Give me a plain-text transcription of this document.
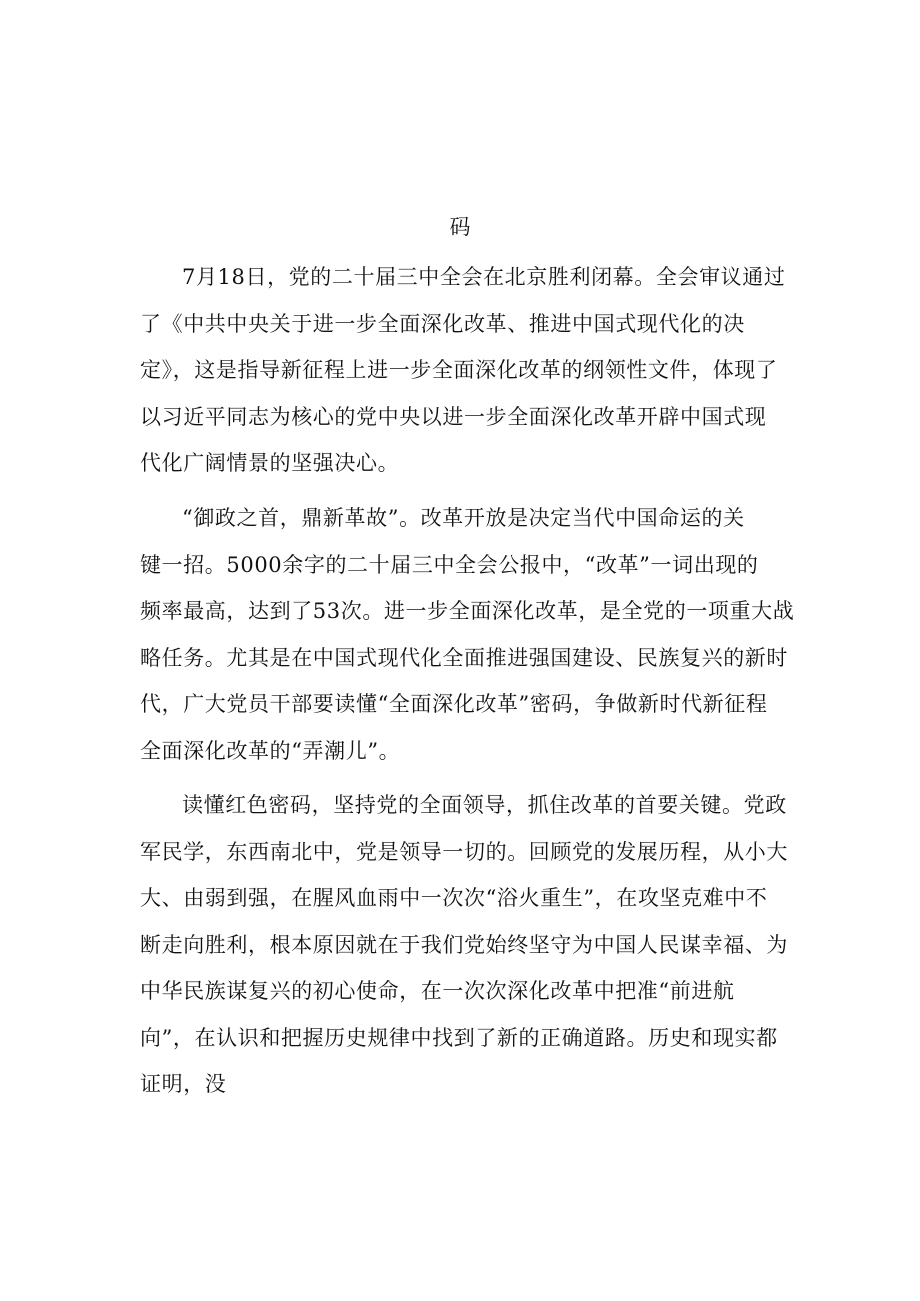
码

7月18日，党的二十届三中全会在北京胜利闭幕。全会审议通过
了《中共中央关于进一步全面深化改革、推进中国式现代化的决
定》，这是指导新征程上进一步全面深化改革的纲领性文件，体现了
以习近平同志为核心的党中央以进一步全面深化改革开辟中国式现
代化广阔情景的坚强决心。

“御政之首，鼎新革故”。改革开放是决定当代中国命运的关
键一招。5000余字的二十届三中全会公报中，“改革”一词出现的
频率最高，达到了53次。进一步全面深化改革，是全党的一项重大战
略任务。尤其是在中国式现代化全面推进强国建设、民族复兴的新时
代，广大党员干部要读懂“全面深化改革”密码，争做新时代新征程
全面深化改革的“弄潮儿”。

读懂红色密码，坚持党的全面领导，抓住改革的首要关键。党政
军民学，东西南北中，党是领导一切的。回顾党的发展历程，从小大
大、由弱到强，在腥风血雨中一次次“浴火重生”，在攻坚克难中不
断走向胜利，根本原因就在于我们党始终坚守为中国人民谋幸福、为
中华民族谋复兴的初心使命，在一次次深化改革中把准“前进航
向”，在认识和把握历史规律中找到了新的正确道路。历史和现实都
证明，没
